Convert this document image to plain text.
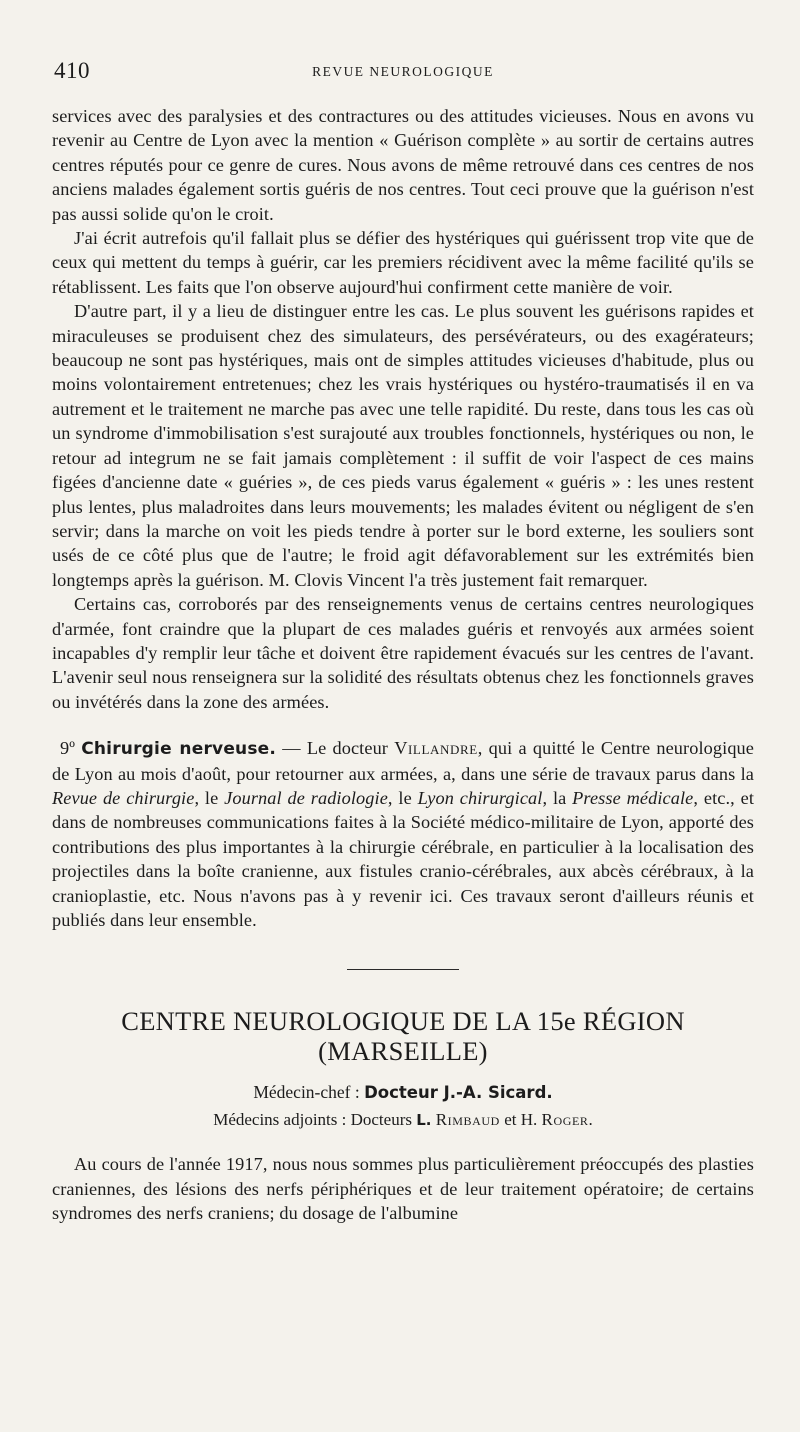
410	REVUE NEUROLOGIQUE

services avec des paralysies et des contractures ou des attitudes vicieuses. Nous en avons vu revenir au Centre de Lyon avec la mention « Guérison complète » au sortir de certains autres centres réputés pour ce genre de cures. Nous avons de même retrouvé dans ces centres de nos anciens malades également sortis guéris de nos centres. Tout ceci prouve que la guérison n'est pas aussi solide qu'on le croit.

J'ai écrit autrefois qu'il fallait plus se défier des hystériques qui guérissent trop vite que de ceux qui mettent du temps à guérir, car les premiers récidivent avec la même facilité qu'ils se rétablissent. Les faits que l'on observe aujourd'hui confirment cette manière de voir.

D'autre part, il y a lieu de distinguer entre les cas. Le plus souvent les guérisons rapides et miraculeuses se produisent chez des simulateurs, des persévérateurs, ou des exagérateurs; beaucoup ne sont pas hystériques, mais ont de simples attitudes vicieuses d'habitude, plus ou moins volontairement entretenues; chez les vrais hystériques ou hystéro-traumatisés il en va autrement et le traitement ne marche pas avec une telle rapidité. Du reste, dans tous les cas où un syndrome d'immobilisation s'est surajouté aux troubles fonctionnels, hystériques ou non, le retour ad integrum ne se fait jamais complètement : il suffit de voir l'aspect de ces mains figées d'ancienne date « guéries », de ces pieds varus également « guéris » : les unes restent plus lentes, plus maladroites dans leurs mouvements; les malades évitent ou négligent de s'en servir; dans la marche on voit les pieds tendre à porter sur le bord externe, les souliers sont usés de ce côté plus que de l'autre; le froid agit défavorablement sur les extrémités bien longtemps après la guérison. M. Clovis Vincent l'a très justement fait remarquer.

Certains cas, corroborés par des renseignements venus de certains centres neurologiques d'armée, font craindre que la plupart de ces malades guéris et renvoyés aux armées soient incapables d'y remplir leur tâche et doivent être rapidement évacués sur les centres de l'avant. L'avenir seul nous renseignera sur la solidité des résultats obtenus chez les fonctionnels graves ou invétérés dans la zone des armées.

9º Chirurgie nerveuse. — Le docteur Villandre, qui a quitté le Centre neurologique de Lyon au mois d'août, pour retourner aux armées, a, dans une série de travaux parus dans la Revue de chirurgie, le Journal de radiologie, le Lyon chirurgical, la Presse médicale, etc., et dans de nombreuses communications faites à la Société médico-militaire de Lyon, apporté des contributions des plus importantes à la chirurgie cérébrale, en particulier à la localisation des projectiles dans la boîte cranienne, aux fistules cranio-cérébrales, aux abcès cérébraux, à la cranioplastie, etc. Nous n'avons pas à y revenir ici. Ces travaux seront d'ailleurs réunis et publiés dans leur ensemble.

CENTRE NEUROLOGIQUE DE LA 15e RÉGION (MARSEILLE)
Médecin-chef : Docteur J.-A. Sicard.
Médecins adjoints : Docteurs L. Rimbaud et H. Roger.

Au cours de l'année 1917, nous nous sommes plus particulièrement préoccupés des plasties craniennes, des lésions des nerfs périphériques et de leur traitement opératoire; de certains syndromes des nerfs craniens; du dosage de l'albumine
